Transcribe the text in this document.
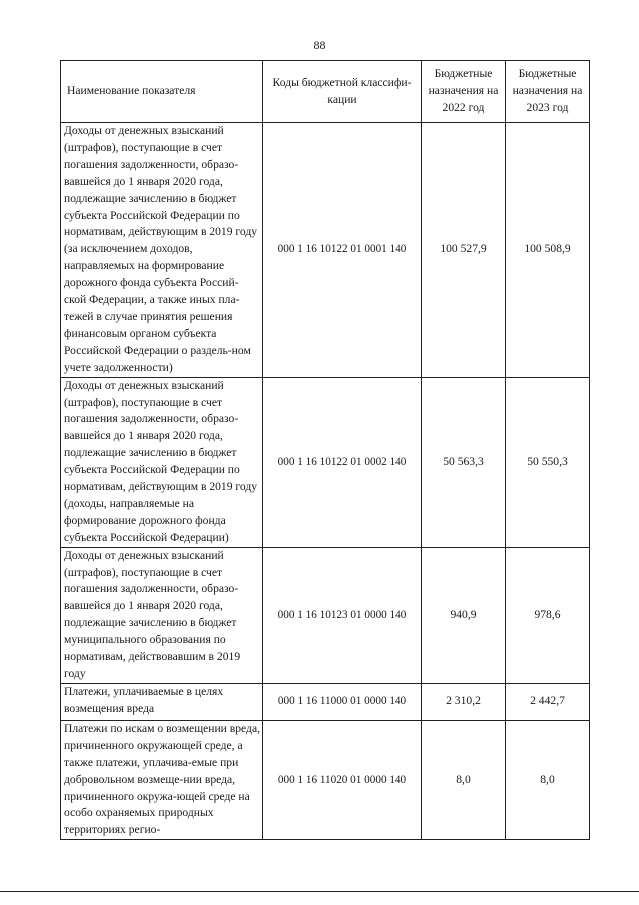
88
Наименование показателя	Коды бюджетной классифи-кации	Бюджетные назначения на 2022 год	Бюджетные назначения на 2023 год
Доходы от денежных взысканий (штрафов), поступающие в счет погашения задолженности, образо-вавшейся до 1 января 2020 года, подлежащие зачислению в бюджет субъекта Российской Федерации по нормативам, действующим в 2019 году (за исключением доходов, направляемых на формирование дорожного фонда субъекта Россий-ской Федерации, а также иных пла-тежей в случае принятия решения финансовым органом субъекта Российской Федерации о раздель-ном учете задолженности)	000 1 16 10122 01 0001 140	100 527,9	100 508,9
Доходы от денежных взысканий (штрафов), поступающие в счет погашения задолженности, образо-вавшейся до 1 января 2020 года, подлежащие зачислению в бюджет субъекта Российской Федерации по нормативам, действующим в 2019 году (доходы, направляемые на формирование дорожного фонда субъекта Российской Федерации)	000 1 16 10122 01 0002 140	50 563,3	50 550,3
Доходы от денежных взысканий (штрафов), поступающие в счет погашения задолженности, образо-вавшейся до 1 января 2020 года, подлежащие зачислению в бюджет муниципального образования по нормативам, действовавшим в 2019 году	000 1 16 10123 01 0000 140	940,9	978,6
Платежи, уплачиваемые в целях возмещения вреда	000 1 16 11000 01 0000 140	2 310,2	2 442,7
Платежи по искам о возмещении вреда, причиненного окружающей среде, а также платежи, уплачива-емые при добровольном возмеще-нии вреда, причиненного окружа-ющей среде на особо охраняемых природных территориях регио-	000 1 16 11020 01 0000 140	8,0	8,0
